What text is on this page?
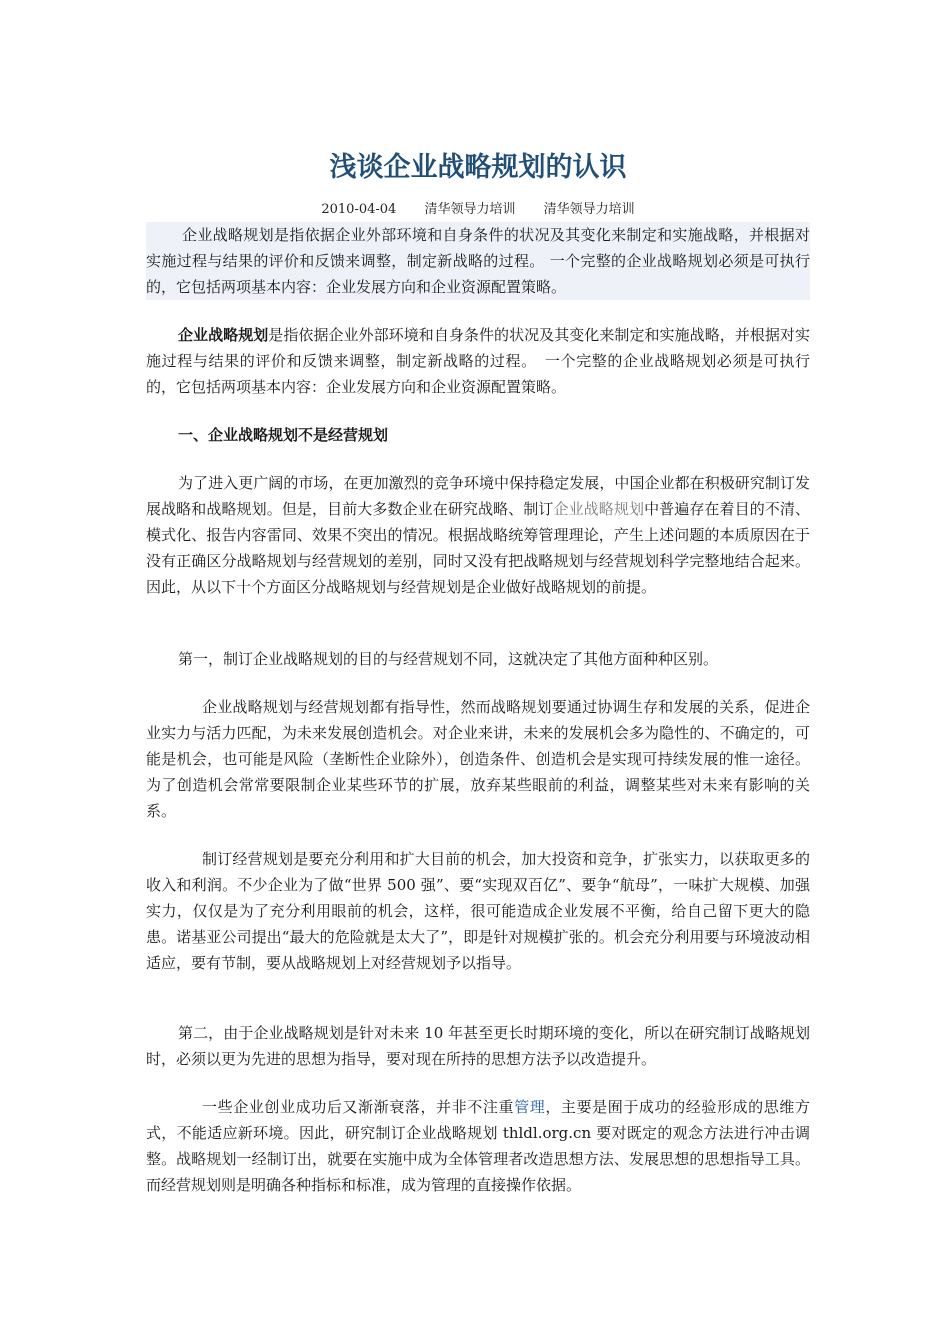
浅谈企业战略规划的认识
2010-04-04 清华领导力培训 清华领导力培训

企业战略规划是指依据企业外部环境和自身条件的状况及其变化来制定和实施战略，并根据对实施过程与结果的评价和反馈来调整，制定新战略的过程。 一个完整的企业战略规划必须是可执行的，它包括两项基本内容：企业发展方向和企业资源配置策略。

企业战略规划是指依据企业外部环境和自身条件的状况及其变化来制定和实施战略，并根据对实施过程与结果的评价和反馈来调整，制定新战略的过程。　一个完整的企业战略规划必须是可执行的，它包括两项基本内容：企业发展方向和企业资源配置策略。

一、企业战略规划不是经营规划

为了进入更广阔的市场，在更加激烈的竞争环境中保持稳定发展，中国企业都在积极研究制订发展战略和战略规划。但是，目前大多数企业在研究战略、制订企业战略规划中普遍存在着目的不清、模式化、报告内容雷同、效果不突出的情况。根据战略统筹管理理论，产生上述问题的本质原因在于没有正确区分战略规划与经营规划的差别，同时又没有把战略规划与经营规划科学完整地结合起来。因此，从以下十个方面区分战略规划与经营规划是企业做好战略规划的前提。

第一，制订企业战略规划的目的与经营规划不同，这就决定了其他方面种种区别。

企业战略规划与经营规划都有指导性，然而战略规划要通过协调生存和发展的关系，促进企业实力与活力匹配，为未来发展创造机会。对企业来讲，未来的发展机会多为隐性的、不确定的，可能是机会，也可能是风险（垄断性企业除外），创造条件、创造机会是实现可持续发展的惟一途径。为了创造机会常常要限制企业某些环节的扩展，放弃某些眼前的利益，调整某些对未来有影响的关系。

制订经营规划是要充分利用和扩大目前的机会，加大投资和竞争，扩张实力，以获取更多的收入和利润。不少企业为了做“世界 500 强”、要“实现双百亿”、要争“航母”，一味扩大规模、加强实力，仅仅是为了充分利用眼前的机会，这样，很可能造成企业发展不平衡，给自己留下更大的隐患。诺基亚公司提出“最大的危险就是太大了”，即是针对规模扩张的。机会充分利用要与环境波动相适应，要有节制，要从战略规划上对经营规划予以指导。

第二，由于企业战略规划是针对未来 10 年甚至更长时期环境的变化，所以在研究制订战略规划时，必须以更为先进的思想为指导，要对现在所持的思想方法予以改造提升。

一些企业创业成功后又渐渐衰落，并非不注重管理，主要是囿于成功的经验形成的思维方式，不能适应新环境。因此，研究制订企业战略规划 thldl.org.cn 要对既定的观念方法进行冲击调整。战略规划一经制订出，就要在实施中成为全体管理者改造思想方法、发展思想的思想指导工具。而经营规划则是明确各种指标和标准，成为管理的直接操作依据。
